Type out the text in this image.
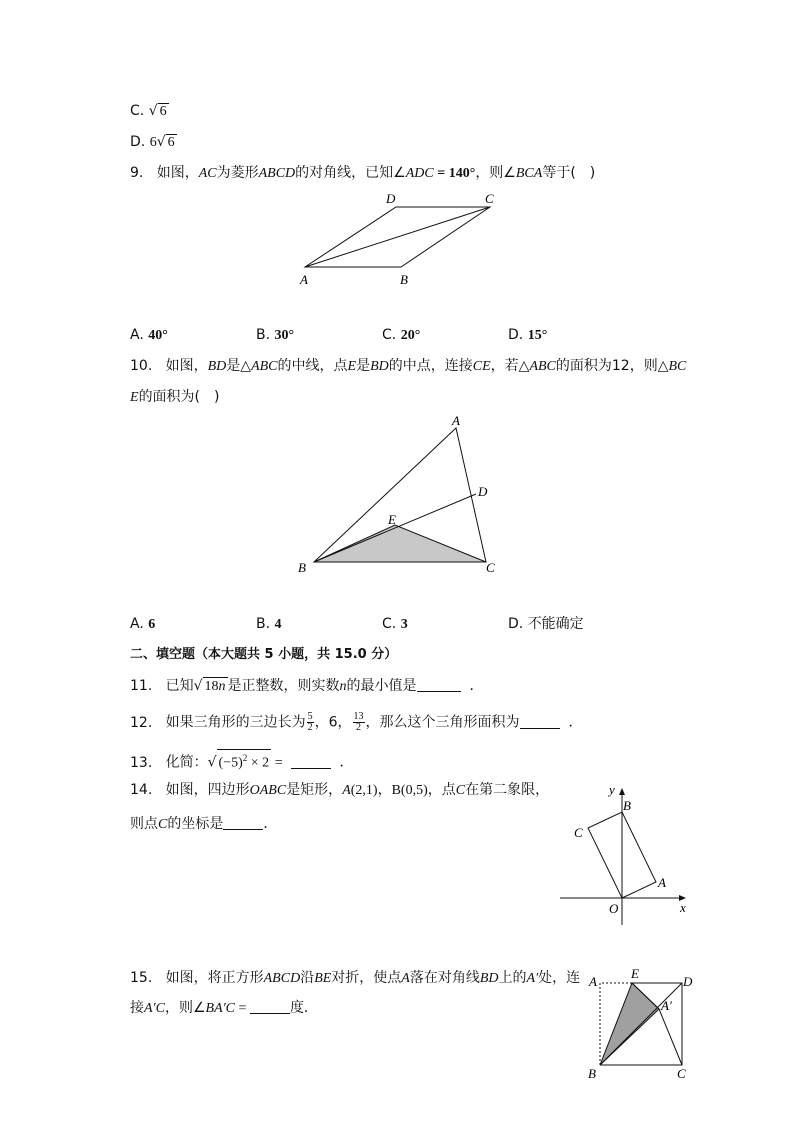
C. √ 6
D. 6√ 6
9. 如图，AC为菱形ABCD的对角线，已知∠ADC = 140°，则∠BCA等于(　)
A	B
C
D
A. 40°	B. 30°	C. 20°	D. 15°
10. 如图，BD是△ABC的中线，点E是BD的中点，连接CE，若△ABC的面积为12，则△BC
E的面积为(　)
A
B	C
D
E
A. 6	B. 4	C. 3	D. 不能确定
二、填空题（本大题共 5 小题，共 15.0 分）
11. 已知√ 18n 是正整数，则实数n的最小值是	．
12. 如果三角形的三边长为 $\frac{5}{2}$ ，6， $\frac{13}{2}$ ，那么这个三角形面积为	．
13. 化简：√ $(-5)^2 \times 2$ =	．
14. 如图，四边形OABC是矩形，A(2,1)，B(0,5)，点C在第二象限，
则点C的坐标是	．
y
x
O
B
C
A
15. 如图，将正方形ABCD沿BE对折，使点A落在对角线BD上的A′处，连
接A′C，则∠BA′C =	度．
A
E
D
A′
B	C
